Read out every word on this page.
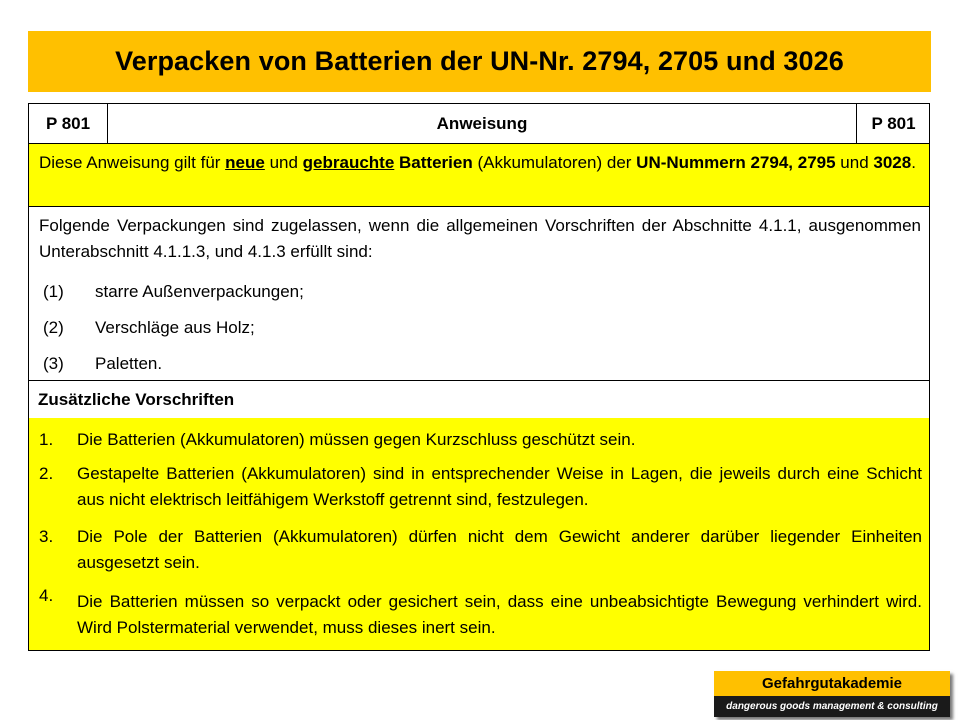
Verpacken von Batterien der UN-Nr. 2794, 2705 und 3026
P 801	Anweisung	P 801
Diese Anweisung gilt für neue und gebrauchte Batterien (Akkumulatoren) der UN-Nummern 2794, 2795 und 3028.
Folgende Verpackungen sind zugelassen, wenn die allgemeinen Vorschriften der Abschnitte 4.1.1, ausgenommen Unterabschnitt 4.1.1.3, und 4.1.3 erfüllt sind:
(1) starre Außenverpackungen;
(2) Verschläge aus Holz;
(3) Paletten.
Zusätzliche Vorschriften
1. Die Batterien (Akkumulatoren) müssen gegen Kurzschluss geschützt sein.
2. Gestapelte Batterien (Akkumulatoren) sind in entsprechender Weise in Lagen, die jeweils durch eine Schicht aus nicht elektrisch leitfähigem Werkstoff getrennt sind, festzulegen.
3. Die Pole der Batterien (Akkumulatoren) dürfen nicht dem Gewicht anderer darüber liegender Einheiten ausgesetzt sein.
4. Die Batterien müssen so verpackt oder gesichert sein, dass eine unbeabsichtigte Bewegung verhindert wird. Wird Polstermaterial verwendet, muss dieses inert sein.
Gefahrgutakademie
dangerous goods management & consulting
